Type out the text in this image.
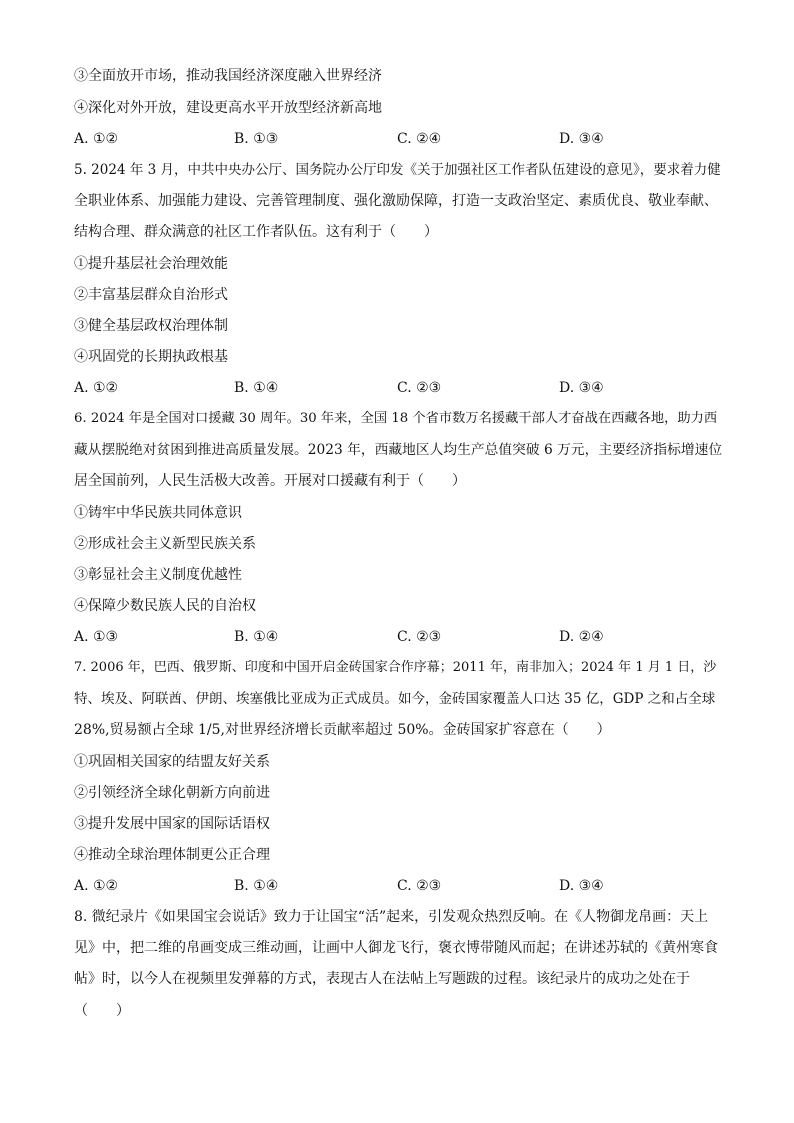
③全面放开市场，推动我国经济深度融入世界经济
④深化对外开放，建设更高水平开放型经济新高地
A. ①②	B. ①③	C. ②④	D. ③④
5. 2024 年 3 月，中共中央办公厅、国务院办公厅印发《关于加强社区工作者队伍建设的意见》，要求着力健
全职业体系、加强能力建设、完善管理制度、强化激励保障，打造一支政治坚定、素质优良、敬业奉献、
结构合理、群众满意的社区工作者队伍。这有利于（　　）
①提升基层社会治理效能
②丰富基层群众自治形式
③健全基层政权治理体制
④巩固党的长期执政根基
A. ①②	B. ①④	C. ②③	D. ③④
6. 2024 年是全国对口援藏 30 周年。30 年来，全国 18 个省市数万名援藏干部人才奋战在西藏各地，助力西
藏从摆脱绝对贫困到推进高质量发展。2023 年，西藏地区人均生产总值突破 6 万元，主要经济指标增速位
居全国前列，人民生活极大改善。开展对口援藏有利于（　　）
①铸牢中华民族共同体意识
②形成社会主义新型民族关系
③彰显社会主义制度优越性
④保障少数民族人民的自治权
A. ①③	B. ①④	C. ②③	D. ②④
7. 2006 年，巴西、俄罗斯、印度和中国开启金砖国家合作序幕；2011 年，南非加入；2024 年 1 月 1 日，沙
特、埃及、阿联酋、伊朗、埃塞俄比亚成为正式成员。如今，金砖国家覆盖人口达 35 亿，GDP 之和占全球
28%,贸易额占全球 1/5,对世界经济增长贡献率超过 50%。金砖国家扩容意在（　　）
①巩固相关国家的结盟友好关系
②引领经济全球化朝新方向前进
③提升发展中国家的国际话语权
④推动全球治理体制更公正合理
A. ①②	B. ①④	C. ②③	D. ③④
8. 微纪录片《如果国宝会说话》致力于让国宝“活”起来，引发观众热烈反响。在《人物御龙帛画：天上
见》中，把二维的帛画变成三维动画，让画中人御龙飞行，褒衣博带随风而起；在讲述苏轼的《黄州寒食
帖》时，以今人在视频里发弹幕的方式，表现古人在法帖上写题跋的过程。该纪录片的成功之处在于
（　　）
